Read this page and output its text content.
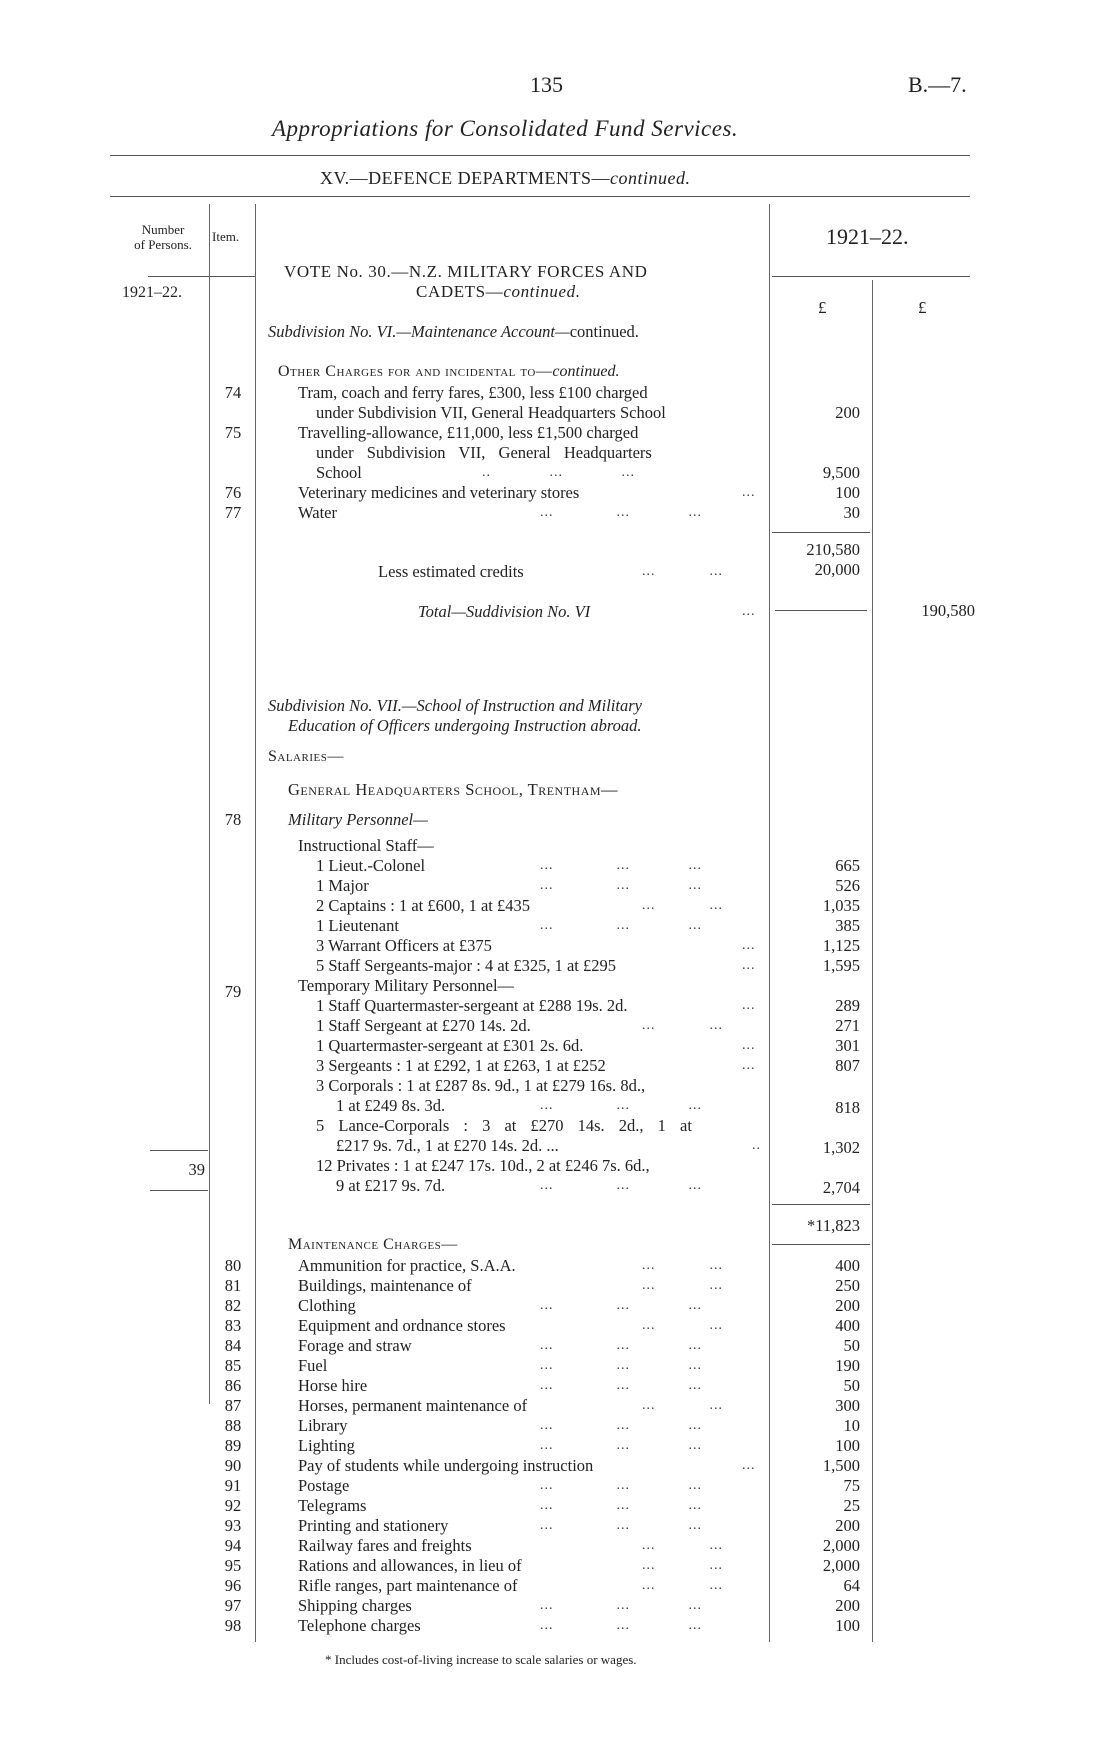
135	B.—7.
Appropriations for Consolidated Fund Services.
XV.—DEFENCE DEPARTMENTS—continued.
Number
of Persons.
Item.
1921–22.
1921–22.
£	£
VOTE No. 30.—N.Z. MILITARY FORCES AND
CADETS—continued.
Subdivision No. VI.—Maintenance Account—continued.
Other Charges for and incidental to—continued.
74	Tram, coach and ferry fares, £300, less £100 charged
under Subdivision VII, General Headquarters School	200
75	Travelling-allowance, £11,000, less £1,500 charged
under Subdivision VII, General Headquarters
School	..             ...             ...	9,500
76	Veterinary medicines and veterinary stores	...	100
77	Water	...              ...             ...	30
210,580
Less estimated credits	...            ...	20,000
Total—Suddivision No. VI	...	190,580
Subdivision No. VII.—School of Instruction and Military
Education of Officers undergoing Instruction abroad.
Salaries—
General Headquarters School, Trentham—
78	Military Personnel—
Instructional Staff—
1 Lieut.-Colonel	...              ...             ...	665
1 Major	...              ...             ...	526
2 Captains : 1 at £600, 1 at £435	...            ...	1,035
1 Lieutenant	...              ...             ...	385
3 Warrant Officers at £375	...	1,125
5 Staff Sergeants-major : 4 at £325, 1 at £295	...	1,595
79	Temporary Military Personnel—
1 Staff Quartermaster-sergeant at £288 19s. 2d.	...	289
1 Staff Sergeant at £270 14s. 2d.	...            ...	271
1 Quartermaster-sergeant at £301 2s. 6d.	...	301
3 Sergeants : 1 at £292, 1 at £263, 1 at £252	...	807
3 Corporals : 1 at £287 8s. 9d., 1 at £279 16s. 8d.,
1 at £249 8s. 3d.	...              ...             ...	818
5 Lance-Corporals : 3 at £270 14s. 2d., 1 at
£217 9s. 7d., 1 at £270 14s. 2d. ...	..	1,302
39	12 Privates : 1 at £247 17s. 10d., 2 at £246 7s. 6d.,
9 at £217 9s. 7d.	...              ...             ...	2,704
*11,823
Maintenance Charges—
80	Ammunition for practice, S.A.A.	...            ...	400
81	Buildings, maintenance of	...            ...	250
82	Clothing	...              ...             ...	200
83	Equipment and ordnance stores	...            ...	400
84	Forage and straw	...              ...             ...	50
85	Fuel	...              ...             ...	190
86	Horse hire	...              ...             ...	50
87	Horses, permanent maintenance of	...            ...	300
88	Library	...              ...             ...	10
89	Lighting	...              ...             ...	100
90	Pay of students while undergoing instruction	...	1,500
91	Postage	...              ...             ...	75
92	Telegrams	...              ...             ...	25
93	Printing and stationery	...              ...             ...	200
94	Railway fares and freights	...            ...	2,000
95	Rations and allowances, in lieu of	...            ...	2,000
96	Rifle ranges, part maintenance of	...            ...	64
97	Shipping charges	...              ...             ...	200
98	Telephone charges	...              ...             ...	100
* Includes cost-of-living increase to scale salaries or wages.
